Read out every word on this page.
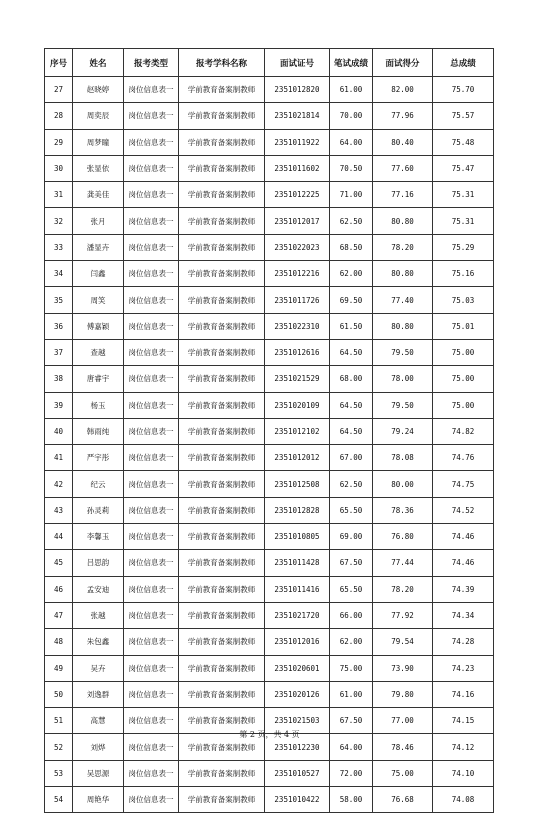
序号	姓名	报考类型	报考学科名称	面试证号	笔试成绩	面试得分	总成绩
27	赵晓婷	岗位信息表一	学前教育备案制教师	2351012820	61.00	82.00	75.70
28	周奕辰	岗位信息表一	学前教育备案制教师	2351021814	70.00	77.96	75.57
29	周梦瞳	岗位信息表一	学前教育备案制教师	2351011922	64.00	80.40	75.48
30	张显依	岗位信息表一	学前教育备案制教师	2351011602	70.50	77.60	75.47
31	龚美佳	岗位信息表一	学前教育备案制教师	2351012225	71.00	77.16	75.31
32	张月	岗位信息表一	学前教育备案制教师	2351012017	62.50	80.80	75.31
33	潘显卉	岗位信息表一	学前教育备案制教师	2351022023	68.50	78.20	75.29
34	闫鑫	岗位信息表一	学前教育备案制教师	2351012216	62.00	80.80	75.16
35	周笑	岗位信息表一	学前教育备案制教师	2351011726	69.50	77.40	75.03
36	傅嘉颖	岗位信息表一	学前教育备案制教师	2351022310	61.50	80.80	75.01
37	查越	岗位信息表一	学前教育备案制教师	2351012616	64.50	79.50	75.00
38	唐睿宇	岗位信息表一	学前教育备案制教师	2351021529	68.00	78.00	75.00
39	杨玉	岗位信息表一	学前教育备案制教师	2351020109	64.50	79.50	75.00
40	韩雨纯	岗位信息表一	学前教育备案制教师	2351012102	64.50	79.24	74.82
41	严宇彤	岗位信息表一	学前教育备案制教师	2351012012	67.00	78.08	74.76
42	纪云	岗位信息表一	学前教育备案制教师	2351012508	62.50	80.00	74.75
43	孙灵莉	岗位信息表一	学前教育备案制教师	2351012828	65.50	78.36	74.52
44	李馨玉	岗位信息表一	学前教育备案制教师	2351010805	69.00	76.80	74.46
45	吕思韵	岗位信息表一	学前教育备案制教师	2351011428	67.50	77.44	74.46
46	孟安迪	岗位信息表一	学前教育备案制教师	2351011416	65.50	78.20	74.39
47	张越	岗位信息表一	学前教育备案制教师	2351021720	66.00	77.92	74.34
48	朱包鑫	岗位信息表一	学前教育备案制教师	2351012016	62.00	79.54	74.28
49	吴卉	岗位信息表一	学前教育备案制教师	2351020601	75.00	73.90	74.23
50	刘逸群	岗位信息表一	学前教育备案制教师	2351020126	61.00	79.80	74.16
51	高慧	岗位信息表一	学前教育备案制教师	2351021503	67.50	77.00	74.15
52	刘烨	岗位信息表一	学前教育备案制教师	2351012230	64.00	78.46	74.12
53	吴思源	岗位信息表一	学前教育备案制教师	2351010527	72.00	75.00	74.10
54	周艳华	岗位信息表一	学前教育备案制教师	2351010422	58.00	76.68	74.08
第 2 页，共 4 页
